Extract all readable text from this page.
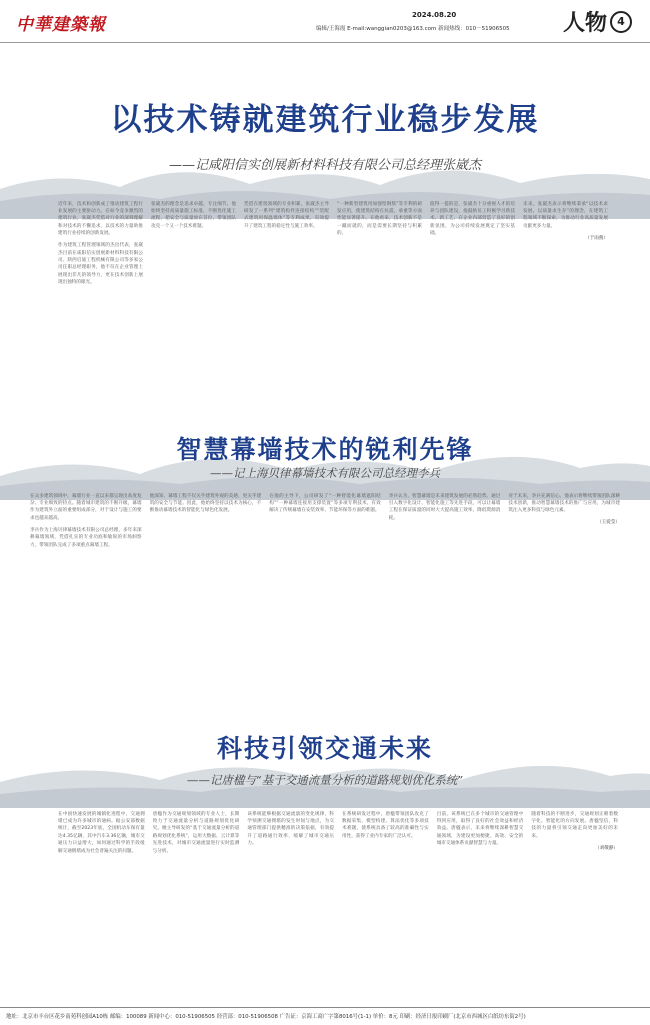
中華建築報	2024.08.20
编辑/王海霞 E-mail:wanggian0203@163.com 新闻热线：010－51906505 人物 4
以技术铸就建筑行业稳步发展
——记咸阳信实创展新材料科技有限公司总经理张崴杰

近年来，技术和创新成了推动建筑工程行业发展的主要驱动力。在如今竞争激烈的建筑行业，张崴杰凭借对行业的深刻理解和对技术的不懈追求，以技术的力量助推建筑行业持续的创新发展。

作为建筑工程管理领域的杰出代表，张崴杰目前在咸阳信实创展新材料科技有限公司、陕西启迪工程机械有限公司等多家公司任职总经理职务，他不仅在企业管理上展现出非凡的领导力，更在技术创新上展现出独特的眼光。

张崴杰的理念是追求卓越，专注细节。他始终坚持高质量施工标准，不断优化施工流程，把安全与质量放在首位，带领团队攻克一个又一个技术难题。

凭借在建筑领域的专业积累，张崴杰主导研发了一系列“建筑构件连接结构”“装配式建筑用保温墙体”等专利成果，有效提升了建筑工程的稳定性与施工效率。

“一种新型建筑用加强型钢筋”等专利的研发应用，使建筑结构在抗震、承重等方面性能显著提升。在他看来，技术创新不是一蹴而就的，而是需要长期坚持与积累的。

值得一提的是，张崴杰十分重视人才的培养与团队建设，他鼓励员工积极学习新技术、新工艺，在企业内部营造了良好的创新氛围，为公司持续发展奠定了坚实基础。

未来，张崴杰表示将继续秉承“以技术求发展、以质量求生存”的理念，在建筑工程领域不断探索，为推动行业高质量发展贡献更多力量。

（于雨燕）

智慧幕墙技术的锐利先锋
——记上海贝律幕墙技术有限公司总经理李兵

在众多建筑领域中，幕墙行业一直以来都呈现出高度复杂、专业细致的特点。随着城市建筑的不断升级，幕墙作为建筑外立面的重要组成部分，对于设计与施工的要求也越来越高。

李兵作为上海贝律幕墙技术有限公司总经理，多年来深耕幕墙领域，凭借扎实的专业功底和敏锐的市场洞察力，带领团队完成了多项重点幕墙工程。

他深知，幕墙工程不仅关乎建筑外观的美感，更关乎建筑的安全与节能。因此，他始终坚持以技术为核心，不断推动幕墙技术的智能化与绿色化发展。

在他的主导下，公司研发了“一种智能化幕墙遮阳结构”“一种幕墙连接用支撑装置”等多项专利技术，有效解决了传统幕墙在安装效率、节能环保等方面的难题。

李兵认为，智慧幕墙是未来建筑发展的必然趋势。通过引入数字化设计、智能化施工等先进手段，可以让幕墙工程在保证质量的同时大大提高施工效率，降低资源消耗。

对于未来，李兵充满信心。他表示将继续带领团队深耕技术创新，推动智慧幕墙技术的推广与应用，为城市建筑注入更多科技与绿色元素。

（王爱莹）

科技引领交通未来
——记唐楹与“基于交通流量分析的道路规划优化系统”

在中国快速发展的城镇化进程中，交通拥堵已成为许多城市的通病。据公安部数据统计，截至2023年底，全国机动车保有量达4.35亿辆，其中汽车3.36亿辆，城市交通压力日益增大，如何通过科学的手段缓解交通拥堵成为社会普遍关注的问题。

唐楹作为交通规划领域的专业人士，长期致力于交通流量分析与道路规划优化研究。她主导研发的“基于交通流量分析的道路规划优化系统”，运用大数据、云计算等先进技术，对城市交通流量进行实时监测与分析。

该系统能够根据交通流量的变化规律，科学预测交通拥堵的发生时间与地点，为交通管理部门提供精准的决策依据，有效提升了道路通行效率，缓解了城市交通压力。

在系统研发过程中，唐楹带领团队攻克了数据采集、模型构建、算法优化等多项技术难题，使系统具备了较高的准确性与实用性，获得了业内专家的广泛认可。

目前，该系统已在多个城市的交通管理中得到应用，取得了良好的社会效益和经济效益。唐楹表示，未来将继续深耕智慧交通领域，为建设更加便捷、高效、安全的城市交通体系贡献智慧与力量。

随着科技的不断进步，交通规划正朝着数字化、智能化的方向发展。唐楹坚信，科技的力量将引领交通走向更加美好的未来。

（刘敬静）

地址：北京市丰台区花乡南苑科创园A10栋 邮编：100089 新闻中心：010-51906505 经营部：010-51906508 广告证：京海工商广字第8016号(1-1) 单价：8元 印刷：经济日报印刷厂(北京市西城区白纸坊东街2号)
